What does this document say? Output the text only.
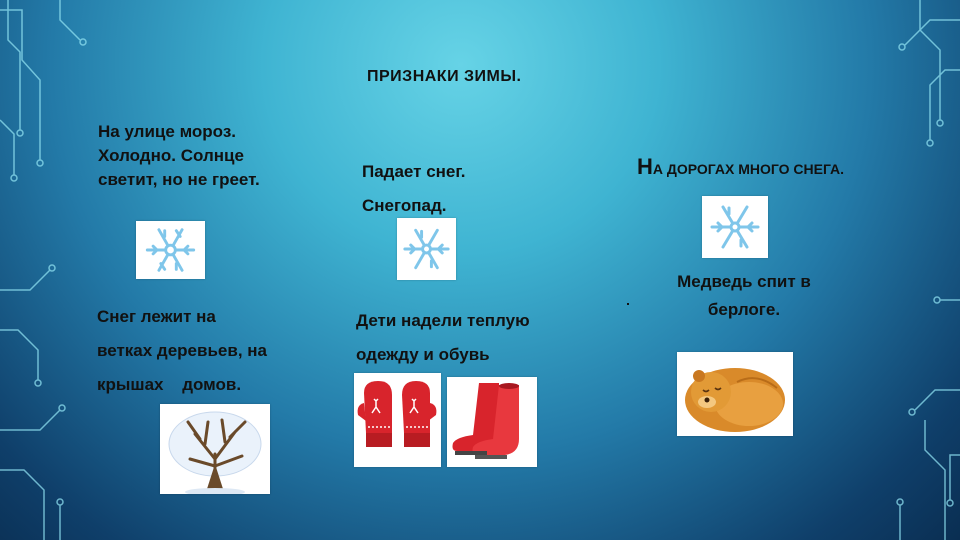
ПРИЗНАКИ ЗИМЫ.
На улице мороз.
Холодно. Солнце
светит, но не греет.	Падает снег.
Снегопад.
НА ДОРОГАХ МНОГО СНЕГА.
Снег лежит на
ветках деревьев, на
крышах домов.
Дети надели теплую
одежду и обувь
Медведь спит в
берлоге.
